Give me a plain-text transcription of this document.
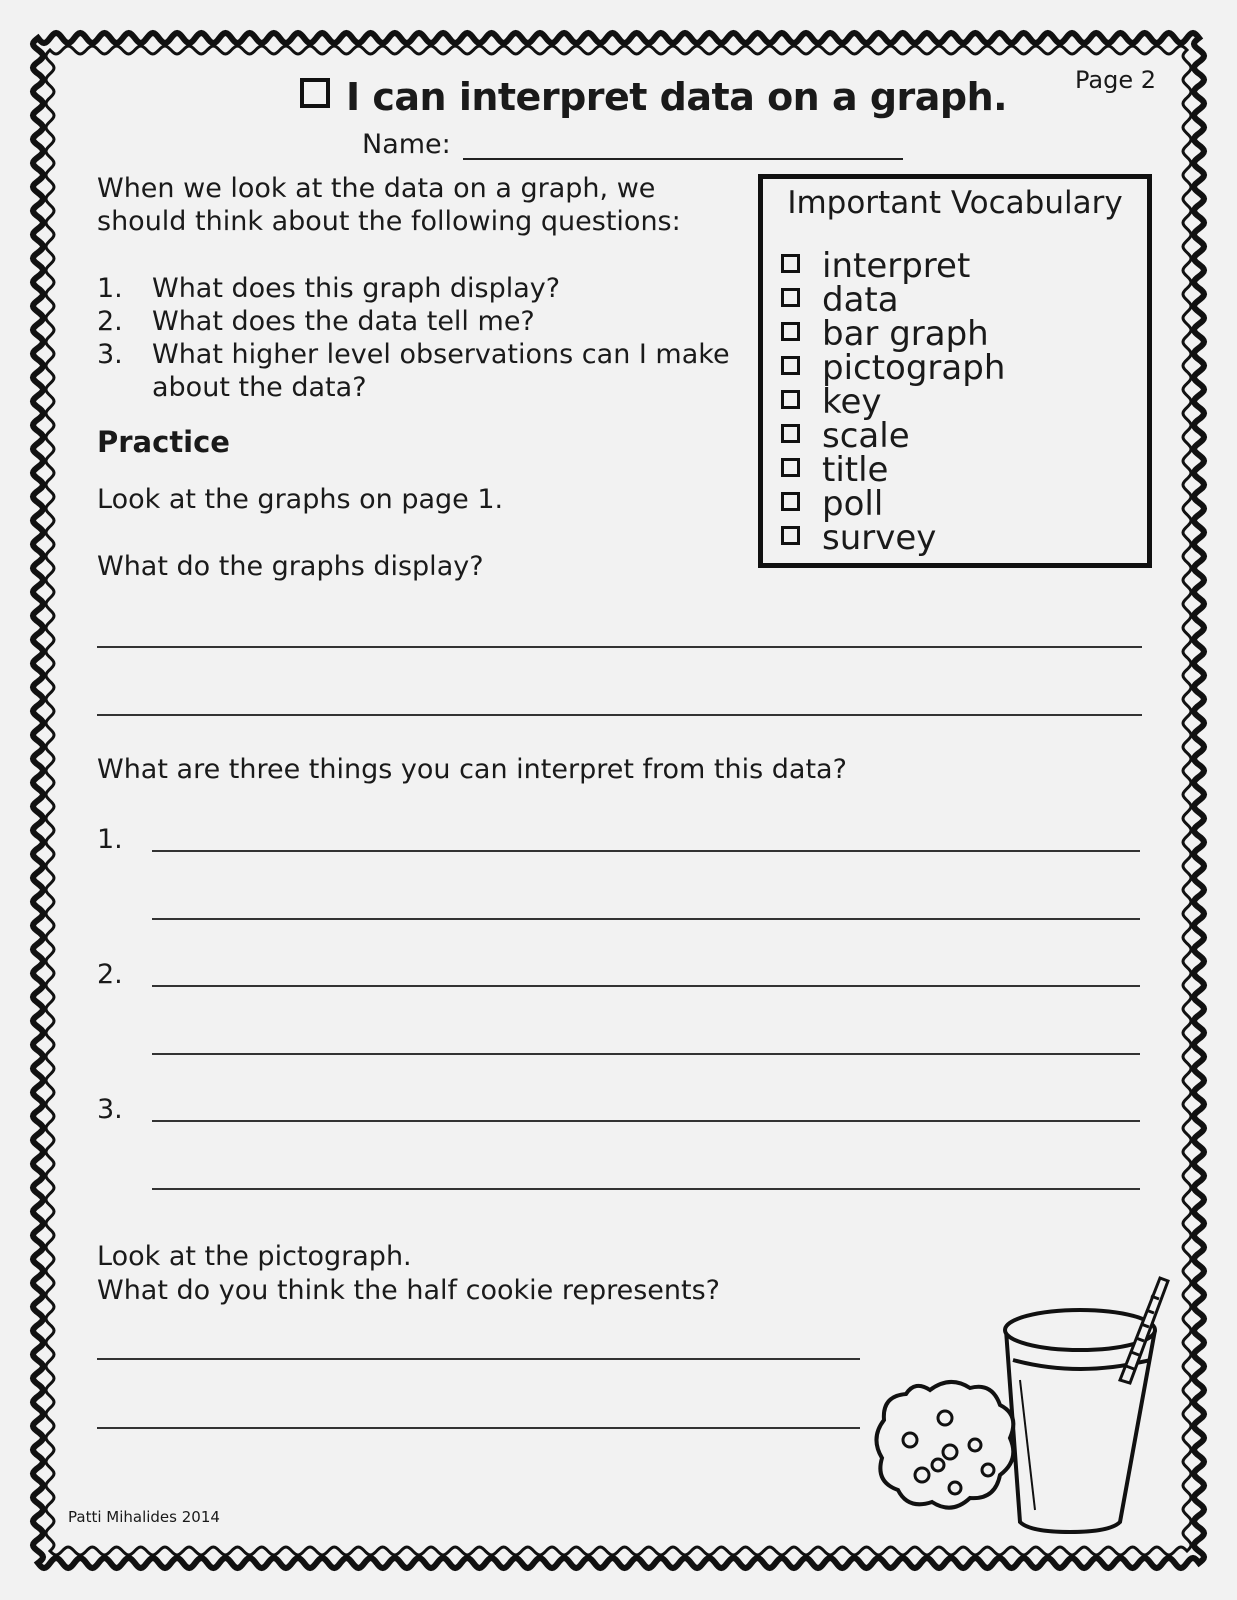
I can interpret data on a graph.	Page 2
Name:
When we look at the data on a graph, we
should think about the following questions:
1. What does this graph display?
2. What does the data tell me?
3. What higher level observations can I make
about the data?
Important Vocabulary
interpret
data
bar graph
pictograph
key
scale
title
poll
survey
Practice
Look at the graphs on page 1.
What do the graphs display?
What are three things you can interpret from this data?
1.
2.
3.
Look at the pictograph.
What do you think the half cookie represents?
Patti Mihalides 2014
